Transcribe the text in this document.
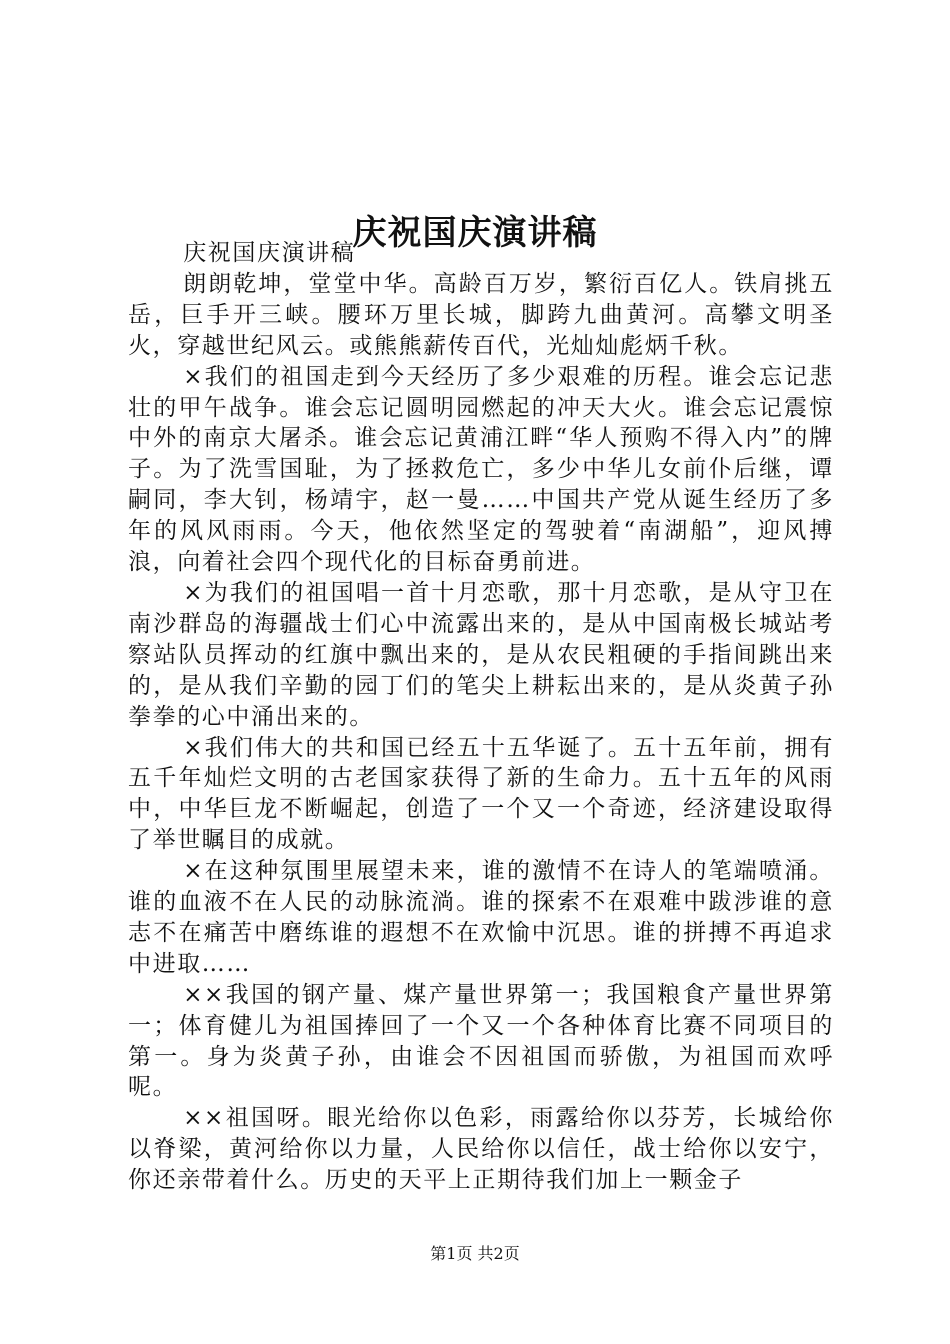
庆祝国庆演讲稿

庆祝国庆演讲稿

朗朗乾坤，堂堂中华。高龄百万岁，繁衍百亿人。铁肩挑五岳，巨手开三峡。腰环万里长城，脚跨九曲黄河。高攀文明圣火，穿越世纪风云。或熊熊薪传百代，光灿灿彪炳千秋。

×我们的祖国走到今天经历了多少艰难的历程。谁会忘记悲壮的甲午战争。谁会忘记圆明园燃起的冲天大火。谁会忘记震惊中外的南京大屠杀。谁会忘记黄浦江畔“华人预购不得入内”的牌子。为了洗雪国耻，为了拯救危亡，多少中华儿女前仆后继，谭嗣同，李大钊，杨靖宇，赵一曼……中国共产党从诞生经历了多年的风风雨雨。今天，他依然坚定的驾驶着“南湖船”，迎风搏浪，向着社会四个现代化的目标奋勇前进。

×为我们的祖国唱一首十月恋歌，那十月恋歌，是从守卫在南沙群岛的海疆战士们心中流露出来的，是从中国南极长城站考察站队员挥动的红旗中飘出来的，是从农民粗硬的手指间跳出来的，是从我们辛勤的园丁们的笔尖上耕耘出来的，是从炎黄子孙拳拳的心中涌出来的。

×我们伟大的共和国已经五十五华诞了。五十五年前，拥有五千年灿烂文明的古老国家获得了新的生命力。五十五年的风雨中，中华巨龙不断崛起，创造了一个又一个奇迹，经济建设取得了举世瞩目的成就。

×在这种氛围里展望未来，谁的激情不在诗人的笔端喷涌。谁的血液不在人民的动脉流淌。谁的探索不在艰难中跋涉谁的意志不在痛苦中磨练谁的遐想不在欢愉中沉思。谁的拼搏不再追求中进取……

××我国的钢产量、煤产量世界第一；我国粮食产量世界第一；体育健儿为祖国捧回了一个又一个各种体育比赛不同项目的第一。身为炎黄子孙，由谁会不因祖国而骄傲，为祖国而欢呼呢。

××祖国呀。眼光给你以色彩，雨露给你以芬芳，长城给你以脊梁，黄河给你以力量，人民给你以信任，战士给你以安宁，你还亲带着什么。历史的天平上正期待我们加上一颗金子

第1页 共2页
